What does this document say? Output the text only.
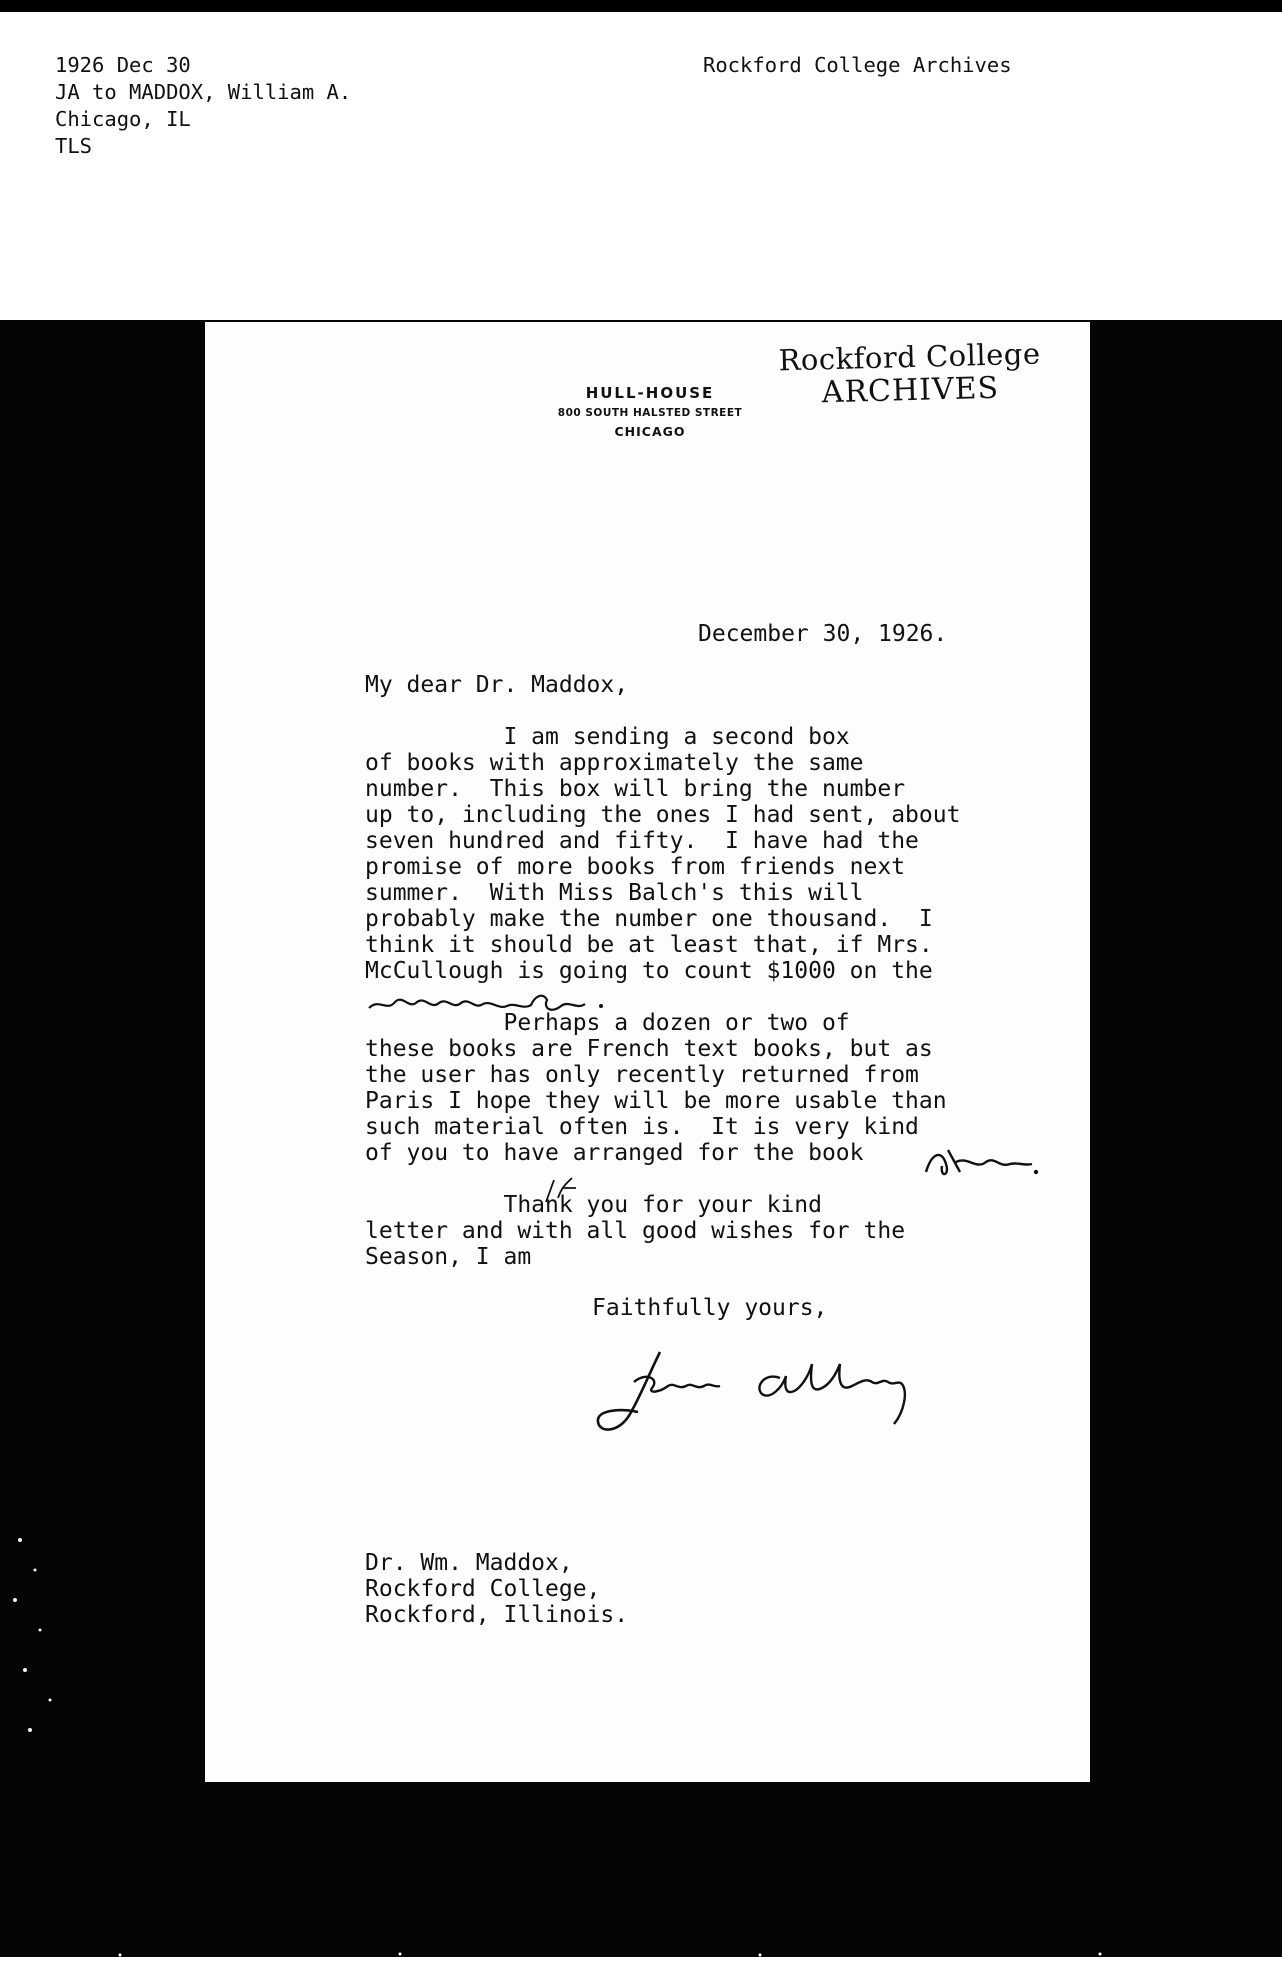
1926 Dec 30
JA to MADDOX, William A.
Chicago, IL
TLS
Rockford College Archives
HULL-HOUSE
800 SOUTH HALSTED STREET
CHICAGO
Rockford College
ARCHIVES
December 30, 1926.
My dear Dr. Maddox,
I am sending a second box
of books with approximately the same
number.  This box will bring the number
up to, including the ones I had sent, about
seven hundred and fifty.  I have had the
promise of more books from friends next
summer.  With Miss Balch's this will
probably make the number one thousand.  I
think it should be at least that, if Mrs.
McCullough is going to count $1000 on the
Perhaps a dozen or two of
these books are French text books, but as
the user has only recently returned from
Paris I hope they will be more usable than
such material often is.  It is very kind
of you to have arranged for the book
Thank you for your kind
letter and with all good wishes for the
Season, I am
Faithfully yours,
Dr. Wm. Maddox,
Rockford College,
Rockford, Illinois.
